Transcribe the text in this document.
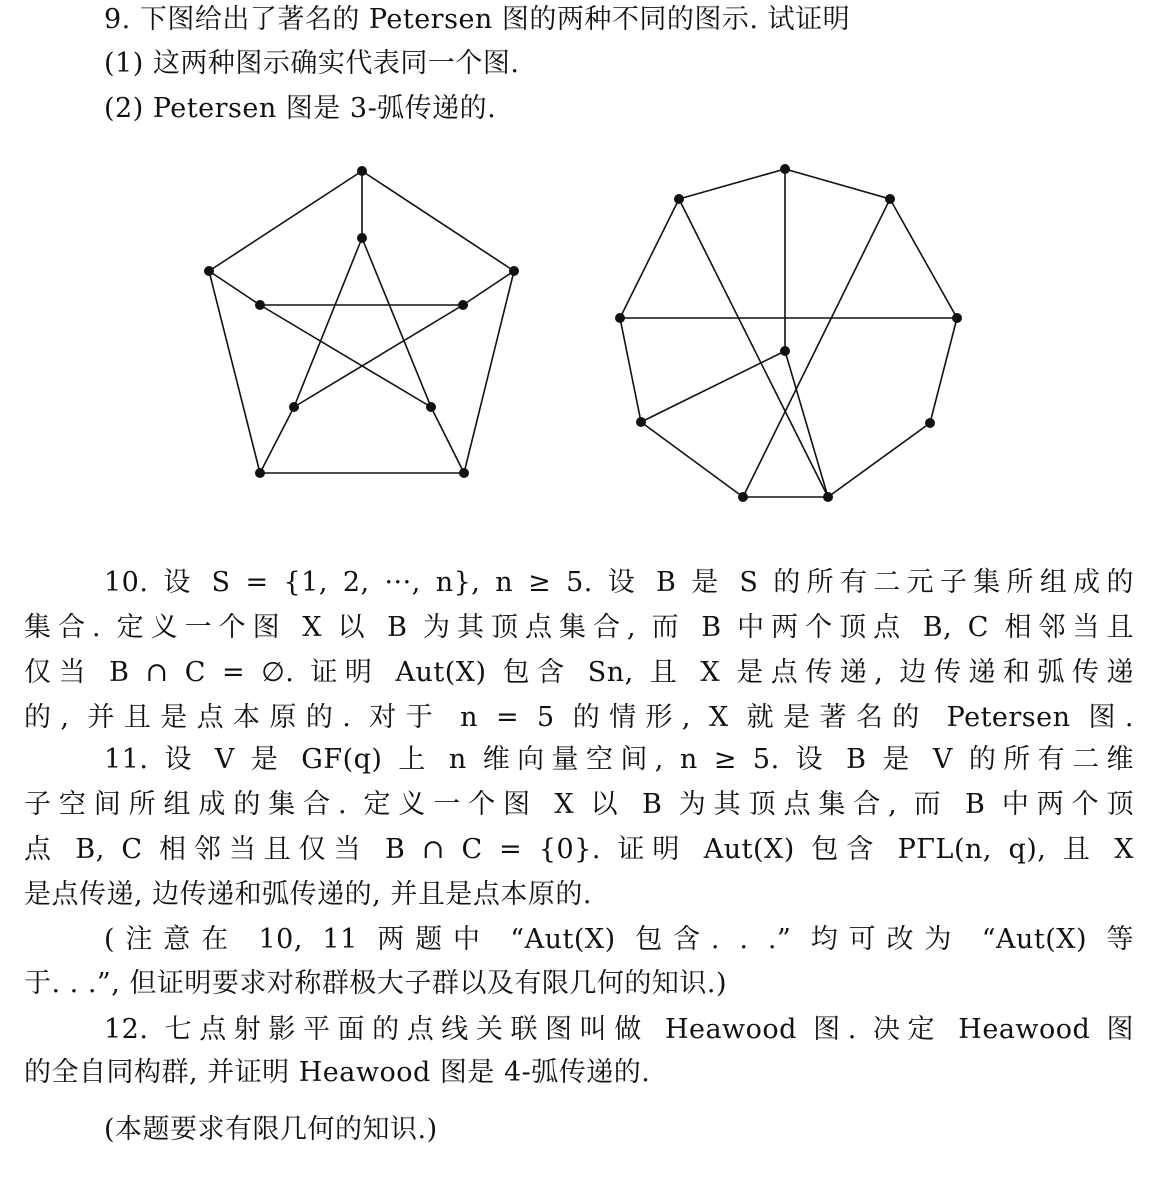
9. 下图给出了著名的 Petersen 图的两种不同的图示. 试证明
(1) 这两种图示确实代表同一个图.
(2) Petersen 图是 3-弧传递的.
10. 设 S = {1, 2, ···, n}, n ≥ 5. 设 B 是 S 的所有二元子集所组成的
集合. 定义一个图 X 以 B 为其顶点集合, 而 B 中两个顶点 B, C 相邻当且
仅当 B ∩ C = ∅. 证明 Aut(X) 包含 Sn, 且 X 是点传递, 边传递和弧传递
的, 并且是点本原的. 对于 n = 5 的情形, X 就是著名的 Petersen 图.
11. 设 V 是 GF(q) 上 n 维向量空间, n ≥ 5. 设 B 是 V 的所有二维
子空间所组成的集合. 定义一个图 X 以 B 为其顶点集合, 而 B 中两个顶
点 B, C 相邻当且仅当 B ∩ C = {0}. 证明 Aut(X) 包含 PΓL(n, q), 且 X
是点传递, 边传递和弧传递的, 并且是点本原的.
(注意在 10, 11 两题中 “Aut(X) 包含. . .” 均可改为 “Aut(X) 等
于. . .”, 但证明要求对称群极大子群以及有限几何的知识.)
12. 七点射影平面的点线关联图叫做 Heawood 图. 决定 Heawood 图
的全自同构群, 并证明 Heawood 图是 4-弧传递的.
(本题要求有限几何的知识.)
